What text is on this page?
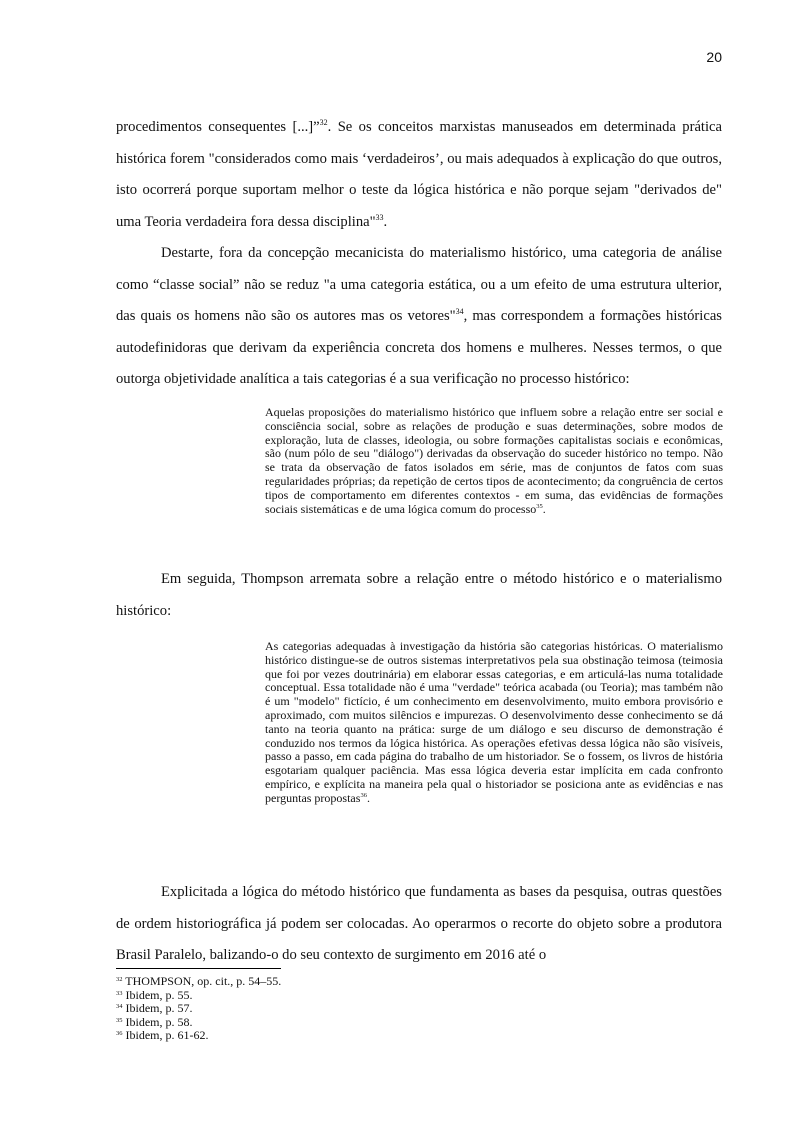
20

procedimentos consequentes [...]”$^{32}$. Se os conceitos marxistas manuseados em determinada prática histórica forem "considerados como mais ‘verdadeiros’, ou mais adequados à explicação do que outros, isto ocorrerá porque suportam melhor o teste da lógica histórica e não porque sejam "derivados de" uma Teoria verdadeira fora dessa disciplina"$^{33}$.

Destarte, fora da concepção mecanicista do materialismo histórico, uma categoria de análise como “classe social” não se reduz "a uma categoria estática, ou a um efeito de uma estrutura ulterior, das quais os homens não são os autores mas os vetores"$^{34}$, mas correspondem a formações históricas autodefinidoras que derivam da experiência concreta dos homens e mulheres. Nesses termos, o que outorga objetividade analítica a tais categorias é a sua verificação no processo histórico:

Aquelas proposições do materialismo histórico que influem sobre a relação entre ser social e consciência social, sobre as relações de produção e suas determinações, sobre modos de exploração, luta de classes, ideologia, ou sobre formações capitalistas sociais e econômicas, são (num pólo de seu "diálogo") derivadas da observação do suceder histórico no tempo. Não se trata da observação de fatos isolados em série, mas de conjuntos de fatos com suas regularidades próprias; da repetição de certos tipos de acontecimento; da congruência de certos tipos de comportamento em diferentes contextos - em suma, das evidências de formações sociais sistemáticas e de uma lógica comum do processo$^{35}$.

Em seguida, Thompson arremata sobre a relação entre o método histórico e o materialismo histórico:

As categorias adequadas à investigação da história são categorias históricas. O materialismo histórico distingue-se de outros sistemas interpretativos pela sua obstinação teimosa (teimosia que foi por vezes doutrinária) em elaborar essas categorias, e em articulá-las numa totalidade conceptual. Essa totalidade não é uma "verdade" teórica acabada (ou Teoria); mas também não é um "modelo" fictício, é um conhecimento em desenvolvimento, muito embora provisório e aproximado, com muitos silêncios e impurezas. O desenvolvimento desse conhecimento se dá tanto na teoria quanto na prática: surge de um diálogo e seu discurso de demonstração é conduzido nos termos da lógica histórica. As operações efetivas dessa lógica não são visíveis, passo a passo, em cada página do trabalho de um historiador. Se o fossem, os livros de história esgotariam qualquer paciência. Mas essa lógica deveria estar implícita em cada confronto empírico, e explícita na maneira pela qual o historiador se posiciona ante as evidências e nas perguntas propostas$^{36}$.

Explicitada a lógica do método histórico que fundamenta as bases da pesquisa, outras questões de ordem historiográfica já podem ser colocadas. Ao operarmos o recorte do objeto sobre a produtora Brasil Paralelo, balizando-o do seu contexto de surgimento em 2016 até o

$^{32}$ THOMPSON, op. cit., p. 54–55.
$^{33}$ Ibidem, p. 55.
$^{34}$ Ibidem, p. 57.
$^{35}$ Ibidem, p. 58.
$^{36}$ Ibidem, p. 61-62.
